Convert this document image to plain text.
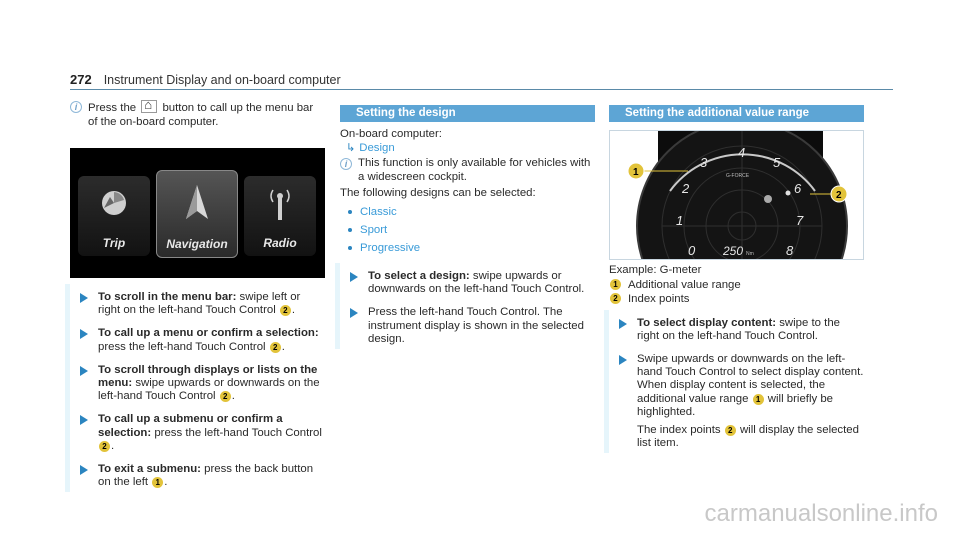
272 Instrument Display and on-board computer
i Press the ⌂ button to call up the menu bar of the on-board computer.
Trip	Navigation	Radio
To scroll in the menu bar: swipe left or right on the left-hand Touch Control 2 .
To call up a menu or confirm a selection: press the left-hand Touch Control 2 .
To scroll through displays or lists on the menu: swipe upwards or downwards on the left-hand Touch Control 2 .
To call up a submenu or confirm a selection: press the left-hand Touch Control 2 .
To exit a submenu: press the back button on the left 1 .
Setting the design
On-board computer:
↳ Design
i This function is only available for vehicles with a widescreen cockpit.
The following designs can be selected:
Classic
Sport
Progressive
To select a design: swipe upwards or downwards on the left-hand Touch Control.
Press the left-hand Touch Control. The instrument display is shown in the selected design.
Setting the additional value range
3
4
5
2	6
1	7
0	8
250 Nm
G-FORCE
1
2
Example: G-meter
1 Additional value range
2 Index points
To select display content: swipe to the right on the left-hand Touch Control.
Swipe upwards or downwards on the left-hand Touch Control to select display content. When display content is selected, the additional value range 1 will briefly be highlighted.
The index points 2 will display the selected list item.
carmanualsonline.info
